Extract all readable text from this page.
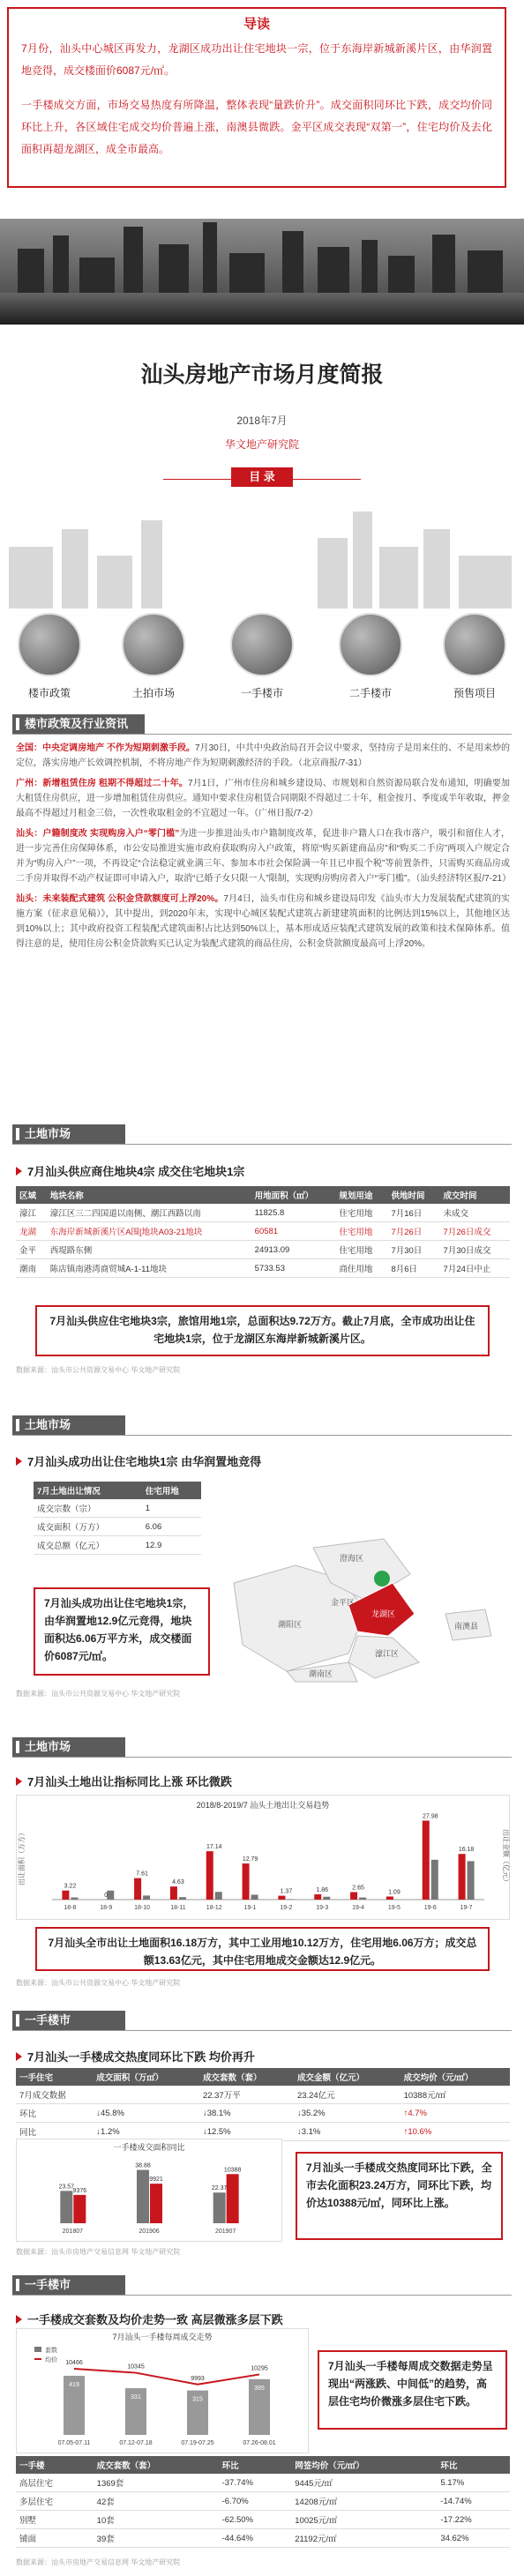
导读

7月份，汕头中心城区再发力，龙湖区成功出让住宅地块一宗，位于东海岸新城新溪片区，由华润置地竞得，成交楼面价6087元/㎡。

一手楼成交方面，市场交易热度有所降温，整体表现“量跌价升”。成交面积同环比下跌，成交均价同环比上升，各区域住宅成交均价普遍上涨，南澳县微跌。金平区成交表现“双第一”，住宅均价及去化面积再超龙湖区，成全市最高。

汕头房地产市场月度简报
2018年7月
华文地产研究院
目 录
楼市政策	土拍市场	一手楼市	二手楼市	预售项目
楼市政策及行业资讯

全国：中央定调房地产 不作为短期刺激手段。7月30日，中共中央政治局召开会议中要求，坚持房子是用来住的、不是用来炒的定位，落实房地产长效调控机制，不将房地产作为短期刺激经济的手段。（北京商报/7-31）

广州：新增租赁住房 租期不得超过二十年。7月1日，广州市住房和城乡建设局、市规划和自然资源局联合发布通知，明确要加大租赁住房供应，进一步增加租赁住房供应。通知中要求住房租赁合同期限不得超过二十年，租金按月、季度或半年收取，押金最高不得超过月租金三倍，一次性收取租金的不宜超过一年。（广州日报/7-2）

汕头：户籍制度改 实现购房入户“零门槛”为进一步推进汕头市户籍制度改革，促进非户籍人口在我市落户，吸引和留住人才，进一步完善住房保障体系，市公安局推进实施市政府获取购房入户政策，将原“购买新建商品房”和“购买二手房”两项入户规定合并为“购房入户”一项，不再设定“合法稳定就业满三年、参加本市社会保险满一年且已申报个税”等前置条件，只需购买商品房或二手房并取得不动产权证即可申请入户，取消“已婚子女只限一人”限制，实现购房购房者入户“零门槛”。（汕头经济特区报/7-21）

汕头：未来装配式建筑 公积金贷款额度可上浮20%。7月4日，汕头市住房和城乡建设局印发《汕头市大力发展装配式建筑的实施方案（征求意见稿）》，其中提出，到2020年末，实现中心城区装配式建筑占新建建筑面积的比例达到15%以上，其他地区达到10%以上；其中政府投资工程装配式建筑面积占比达到50%以上，基本形成适应装配式建筑发展的政策和技术保障体系。值得注意的是，使用住房公积金贷款购买已认定为装配式建筑的商品住房，公积金贷款额度最高可上浮20%。

土地市场
7月汕头供应商住地块4宗 成交住宅地块1宗
区域	地块名称	用地面积（㎡）	规划用途	供地时间	成交时间
濠江	濠江区三二四国道以南侧、潮江西路以南	11825.8	住宅用地	7月16日	未成交
龙湖	东海岸新城新溪片区A围[地块A03-21地块	60581	住宅用地	7月26日	7月26日成交
金平	西堤路东侧	24913.09	住宅用地	7月30日	7月30日成交
潮南	陈店镇南港湾商贸城A-1-11地块	5733.53	商住用地	8月6日	7月24日中止
7月汕头供应住宅地块3宗，旅馆用地1宗，总面积达9.72万方。截止7月底，全市成功出让住宅地块1宗，位于龙湖区东海岸新城新溪片区。
数据来源：汕头市公共资源交易中心 华文地产研究院
土地市场
7月汕头成功出让住宅地块1宗 由华润置地竞得
7月土地出让情况	住宅用地
成交宗数（宗）	1
成交面积（万方）	6.06
成交总额（亿元）	12.9
7月汕头成功出让住宅地块1宗，由华润置地12.9亿元竞得，地块面积达6.06万平方米，成交楼面价6087元/㎡。
澄海区
龙湖区
濠江区
金平区
潮阳区
潮南区
南澳县
数据来源：汕头市公共资源交易中心 华文地产研究院
土地市场
7月汕头土地出让指标同比上涨 环比微跌
2018/8-2019/7 汕头土地出让交易趋势
出让面积（万方）	出让金额（亿元）
3.22
18-8
0
18-9
7.61
18-10
4.63
18-11
17.14
18-12
12.79
19-1
1.37
19-2
1.86
19-3
2.65
19-4
1.09
19-5
27.98
19-6
16.18
19-7
7月汕头全市出让土地面积16.18万方，其中工业用地10.12万方，住宅用地6.06万方；成交总额13.63亿元，其中住宅用地成交金额达12.9亿元。
数据来源：汕头市公共资源交易中心 华文地产研究院
一手楼市
7月汕头一手楼成交热度同环比下跌 均价再升
一手住宅	成交面积（万㎡）	成交套数（套）	成交金额（亿元）	成交均价（元/㎡）
7月成交数据		22.37万平	23.24亿元	10388元/㎡
环比	↓45.8%	↓38.1%	↓35.2%	↑4.7%
同比	↓1.2%	↓12.5%	↓3.1%	↑10.6%
一手楼成交面积同比
23.57
9376
201807
38.88
9921
201906
22.37
10388
201907
7月汕头一手楼成交热度同环比下跌，全市去化面积23.24万方，同环比下跌，均价达10388元/㎡，同环比上涨。
数据来源：汕头市房地产交易信息网 华文地产研究院
一手楼市
一手楼成交套数及均价走势一致 高层微涨多层下跌
7月汕头一手楼每周成交走势
套数
均价
419
10466
07.05-07.11
331
10345
07.12-07.18
315
9993
07.19-07.25
395
10295
07.26-08.01
7月汕头一手楼每周成交数据走势呈现出“两涨跌、中间低”的趋势，高层住宅均价微涨多层住宅下跌。
一手楼	成交套数（套）	环比	网签均价（元/㎡）	环比
高层住宅	1369套	-37.74%	9445元/㎡	5.17%
多层住宅	42套	-6.70%	14208元/㎡	-14.74%
别墅	10套	-62.50%	10025元/㎡	-17.22%
铺面	39套	-44.64%	21192元/㎡	34.62%
数据来源：汕头市房地产交易信息网 华文地产研究院
